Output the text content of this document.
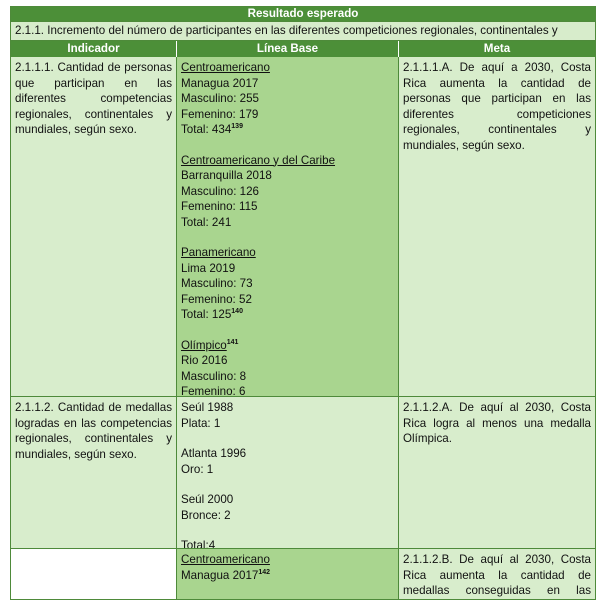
Resultado esperado
2.1.1. Incremento del número de participantes en las diferentes competiciones regionales, continentales y
Indicador	Línea Base	Meta
2.1.1.1. Cantidad de personas que participan en las diferentes competencias regionales, continentales y mundiales, según sexo.
Centroamericano
Managua 2017
Masculino: 255
Femenino: 179
Total: $434^{139}$
Centroamericano y del Caribe
Barranquilla 2018
Masculino: 126
Femenino: 115
Total: 241
Panamericano
Lima 2019
Masculino: 73
Femenino: 52
Total: $125^{140}$
Olímpico$^{141}$
Rio 2016
Masculino: 8
Femenino: 6
2.1.1.1.A. De aquí a 2030, Costa Rica aumenta la cantidad de personas que participan en las diferentes competiciones regionales, continentales y mundiales, según sexo.
2.1.1.2. Cantidad de medallas logradas en las competencias regionales, continentales y mundiales, según sexo.
Seúl 1988
Plata: 1
Atlanta 1996
Oro: 1
Seúl 2000
Bronce: 2
Total:4
2.1.1.2.A. De aquí al 2030, Costa Rica logra al menos una medalla Olímpica.
Centroamericano
Managua 2017$^{142}$
2.1.1.2.B. De aquí al 2030, Costa Rica aumenta la cantidad de medallas conseguidas en las
